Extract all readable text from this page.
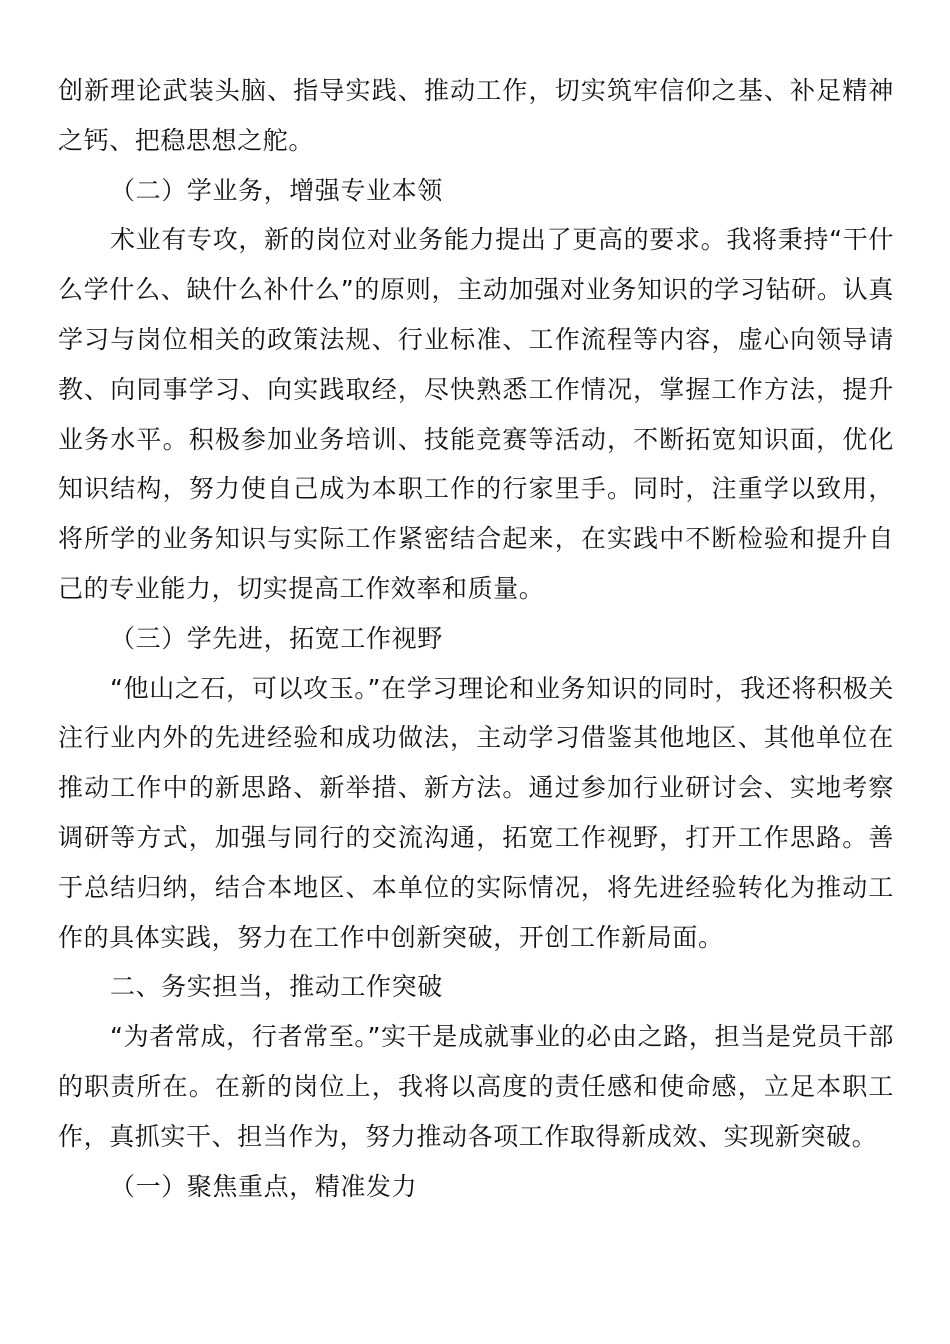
创新理论武装头脑、指导实践、推动工作，切实筑牢信仰之基、补足精神之钙、把稳思想之舵。

（二）学业务，增强专业本领

术业有专攻，新的岗位对业务能力提出了更高的要求。我将秉持“干什么学什么、缺什么补什么”的原则，主动加强对业务知识的学习钻研。认真学习与岗位相关的政策法规、行业标准、工作流程等内容，虚心向领导请教、向同事学习、向实践取经，尽快熟悉工作情况，掌握工作方法，提升业务水平。积极参加业务培训、技能竞赛等活动，不断拓宽知识面，优化知识结构，努力使自己成为本职工作的行家里手。同时，注重学以致用，将所学的业务知识与实际工作紧密结合起来，在实践中不断检验和提升自己的专业能力，切实提高工作效率和质量。

（三）学先进，拓宽工作视野

“他山之石，可以攻玉。”在学习理论和业务知识的同时，我还将积极关注行业内外的先进经验和成功做法，主动学习借鉴其他地区、其他单位在推动工作中的新思路、新举措、新方法。通过参加行业研讨会、实地考察调研等方式，加强与同行的交流沟通，拓宽工作视野，打开工作思路。善于总结归纳，结合本地区、本单位的实际情况，将先进经验转化为推动工作的具体实践，努力在工作中创新突破，开创工作新局面。

二、务实担当，推动工作突破

“为者常成，行者常至。”实干是成就事业的必由之路，担当是党员干部的职责所在。在新的岗位上，我将以高度的责任感和使命感，立足本职工作，真抓实干、担当作为，努力推动各项工作取得新成效、实现新突破。

（一）聚焦重点，精准发力
